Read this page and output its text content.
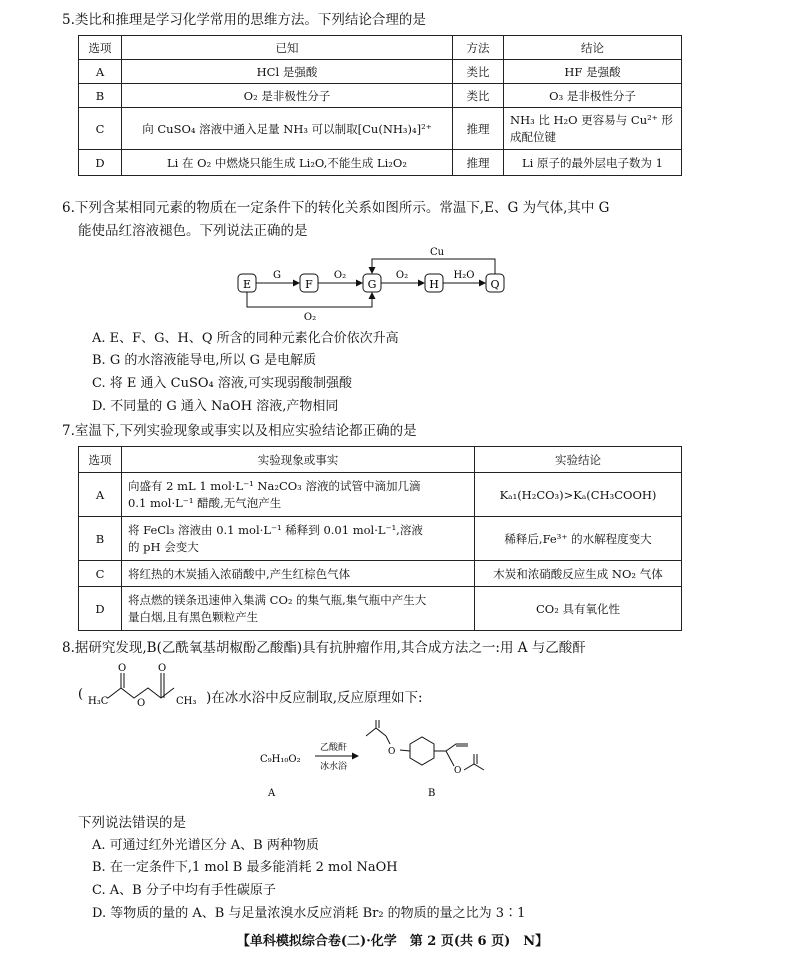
5.类比和推理是学习化学常用的思维方法。下列结论合理的是
选项	已知	方法	结论
A	HCl 是强酸	类比	HF 是强酸
B	O₂ 是非极性分子	类比	O₃ 是非极性分子
C	向 CuSO₄ 溶液中通入足量 NH₃ 可以制取[Cu(NH₃)₄]²⁺	推理	NH₃ 比 H₂O 更容易与 Cu²⁺ 形成配位键
D	Li 在 O₂ 中燃烧只能生成 Li₂O,不能生成 Li₂O₂	推理	Li 原子的最外层电子数为 1
6.下列含某相同元素的物质在一定条件下的转化关系如图所示。常温下,E、G 为气体,其中 G
能使品红溶液褪色。下列说法正确的是
E	F	G	H	Q
G	O₂	O₂	H₂O
Cu
O₂
A. E、F、G、H、Q 所含的同种元素化合价依次升高
B. G 的水溶液能导电,所以 G 是电解质
C. 将 E 通入 CuSO₄ 溶液,可实现弱酸制强酸
D. 不同量的 G 通入 NaOH 溶液,产物相同
7.室温下,下列实验现象或事实以及相应实验结论都正确的是
选项	实验现象或事实	实验结论
A	向盛有 2 mL 1 mol·L⁻¹ Na₂CO₃ 溶液的试管中滴加几滴
0.1 mol·L⁻¹ 醋酸,无气泡产生	Kₐ₁(H₂CO₃)>Kₐ(CH₃COOH)
B	将 FeCl₃ 溶液由 0.1 mol·L⁻¹ 稀释到 0.01 mol·L⁻¹,溶液
的 pH 会变大	稀释后,Fe³⁺ 的水解程度变大
C	将红热的木炭插入浓硝酸中,产生红棕色气体	木炭和浓硝酸反应生成 NO₂ 气体
D	将点燃的镁条迅速伸入集满 CO₂ 的集气瓶,集气瓶中产生大
量白烟,且有黑色颗粒产生	CO₂ 具有氧化性
8.据研究发现,B(乙酰氧基胡椒酚乙酸酯)具有抗肿瘤作用,其合成方法之一:用 A 与乙酸酐
( H₃C
O	O
O	CH₃ )在冰水浴中反应制取,反应原理如下:
C₉H₁₀O₂
乙酸酐
冰水浴
O
O
A	B
下列说法错误的是
A. 可通过红外光谱区分 A、B 两种物质
B. 在一定条件下,1 mol B 最多能消耗 2 mol NaOH
C. A、B 分子中均有手性碳原子
D. 等物质的量的 A、B 与足量浓溴水反应消耗 Br₂ 的物质的量之比为 3∶1
【单科模拟综合卷(二)·化学　第 2 页(共 6 页)　N】
